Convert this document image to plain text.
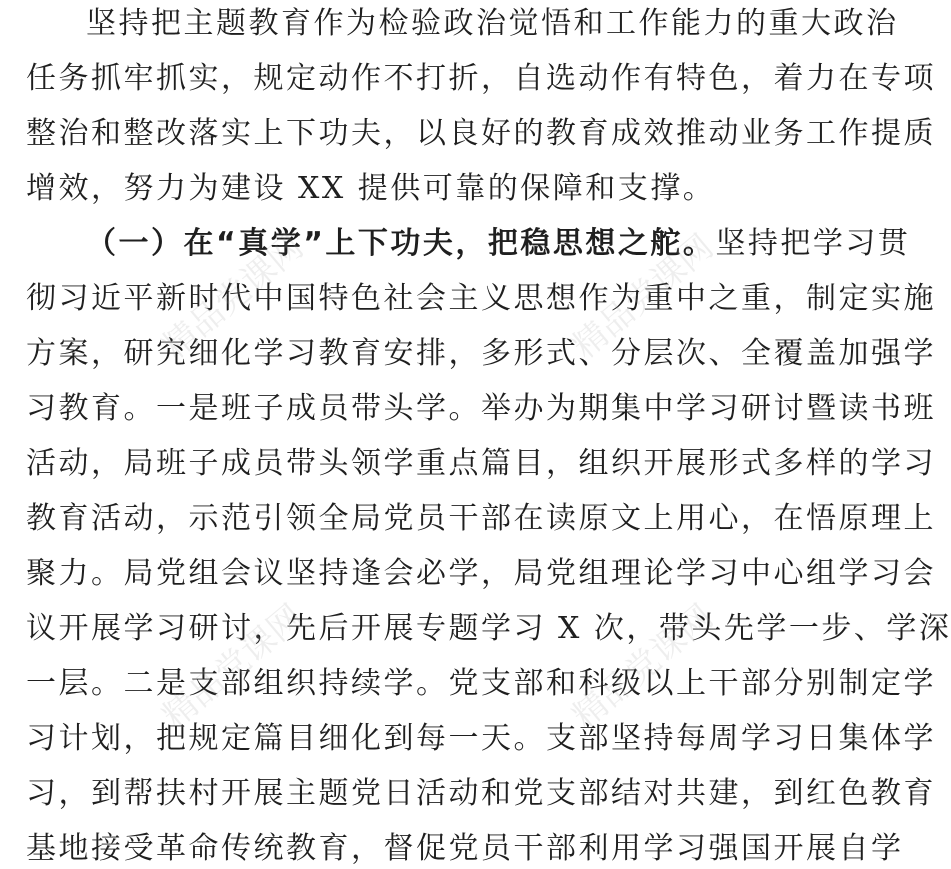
坚持把主题教育作为检验政治觉悟和工作能力的重大政治
任务抓牢抓实，规定动作不打折，自选动作有特色，着力在专项
整治和整改落实上下功夫，以良好的教育成效推动业务工作提质
增效，努力为建设 XX 提供可靠的保障和支撑。
（一）在“真学”上下功夫，把稳思想之舵。坚持把学习贯
彻习近平新时代中国特色社会主义思想作为重中之重，制定实施
方案，研究细化学习教育安排，多形式、分层次、全覆盖加强学
习教育。一是班子成员带头学。举办为期集中学习研讨暨读书班
活动，局班子成员带头领学重点篇目，组织开展形式多样的学习
教育活动，示范引领全局党员干部在读原文上用心，在悟原理上
聚力。局党组会议坚持逢会必学，局党组理论学习中心组学习会
议开展学习研讨，先后开展专题学习 X 次，带头先学一步、学深
一层。二是支部组织持续学。党支部和科级以上干部分别制定学
习计划，把规定篇目细化到每一天。支部坚持每周学习日集体学
习，到帮扶村开展主题党日活动和党支部结对共建，到红色教育
基地接受革命传统教育，督促党员干部利用学习强国开展自学
精品党课网	精品党课网
精品党课网	精品党课网
